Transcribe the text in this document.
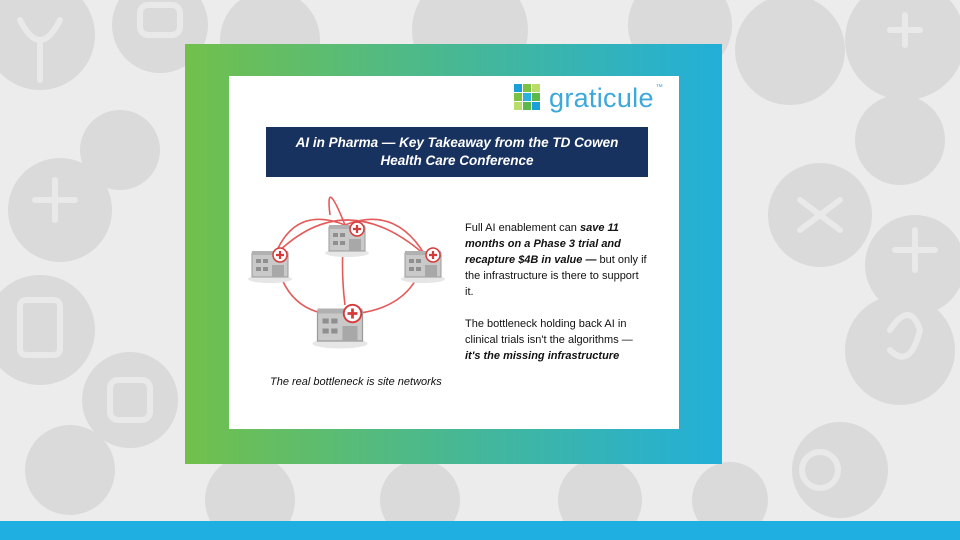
graticule ™
AI in Pharma — Key Takeaway from the TD Cowen
Health Care Conference
The real bottleneck is site networks

Full AI enablement can save 11 months on a Phase 3 trial and recapture $4B in value — but only if the infrastructure is there to support it.

The bottleneck holding back AI in clinical trials isn't the algorithms — it's the missing infrastructure
